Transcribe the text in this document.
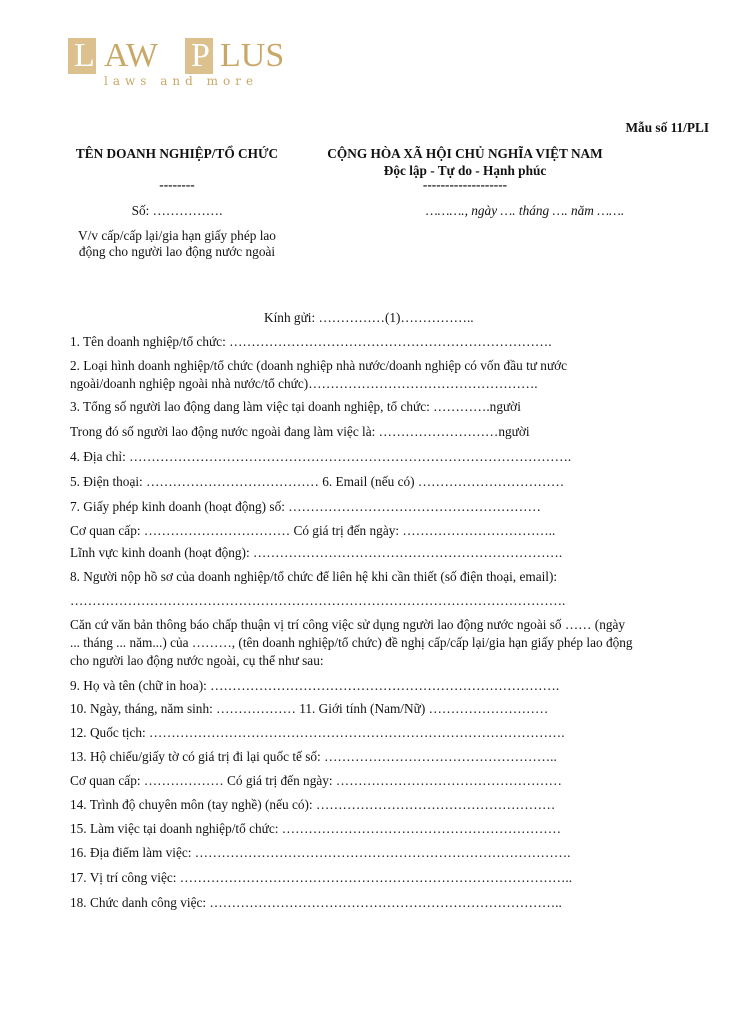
L AW P LUS
laws and more
Mẫu số 11/PLI
TÊN DOANH NGHIỆP/TỔ CHỨC
--------
Số: …………….
V/v cấp/cấp lại/gia hạn giấy phép lao động cho người lao động nước ngoài
CỘNG HÒA XÃ HỘI CHỦ NGHĨA VIỆT NAM
Độc lập - Tự do - Hạnh phúc
-------------------
………., ngày …. tháng …. năm …….
Kính gửi: ……………(1)……………..
1. Tên doanh nghiệp/tổ chức: ……………………………………………………………….
2. Loại hình doanh nghiệp/tổ chức (doanh nghiệp nhà nước/doanh nghiệp có vốn đầu tư nước
ngoài/doanh nghiệp ngoài nhà nước/tổ chức)…………………………………………….
3. Tổng số người lao động dang làm việc tại doanh nghiệp, tổ chức: ………….người
Trong đó số người lao động nước ngoài đang làm việc là: ………………………người
4. Địa chỉ: ……………………………………………………………………………………….
5. Điện thoại: ………………………………… 6. Email (nếu có) ……………………………
7. Giấy phép kinh doanh (hoạt động) số: …………………………………………………
Cơ quan cấp: …………………………… Có giá trị đến ngày: ……………………………..
Lĩnh vực kinh doanh (hoạt động): …………………………………………………………….
8. Người nộp hồ sơ của doanh nghiệp/tổ chức để liên hệ khi cần thiết (số điện thoại, email):
………………………………………………………………………………………………….
Căn cứ văn bản thông báo chấp thuận vị trí công việc sử dụng người lao động nước ngoài số …… (ngày
... tháng ... năm...) của ………, (tên doanh nghiệp/tổ chức) đề nghị cấp/cấp lại/gia hạn giấy phép lao động
cho người lao động nước ngoài, cụ thể như sau:
9. Họ và tên (chữ in hoa): …………………………………………………………………….
10. Ngày, tháng, năm sinh: ……………… 11. Giới tính (Nam/Nữ) ………………………
12. Quốc tịch: ………………………………………………………………………………….
13. Hộ chiếu/giấy tờ có giá trị đi lại quốc tế số: ……………………………………………..
Cơ quan cấp: ……………… Có giá trị đến ngày: ……………………………………………
14. Trình độ chuyên môn (tay nghề) (nếu có): ………………………………………………
15. Làm việc tại doanh nghiệp/tổ chức: ………………………………………………………
16. Địa điểm làm việc: ………………………………………………………………………….
17. Vị trí công việc: ……………………………………………………………………………..
18. Chức danh công việc: ……………………………………………………………………..
